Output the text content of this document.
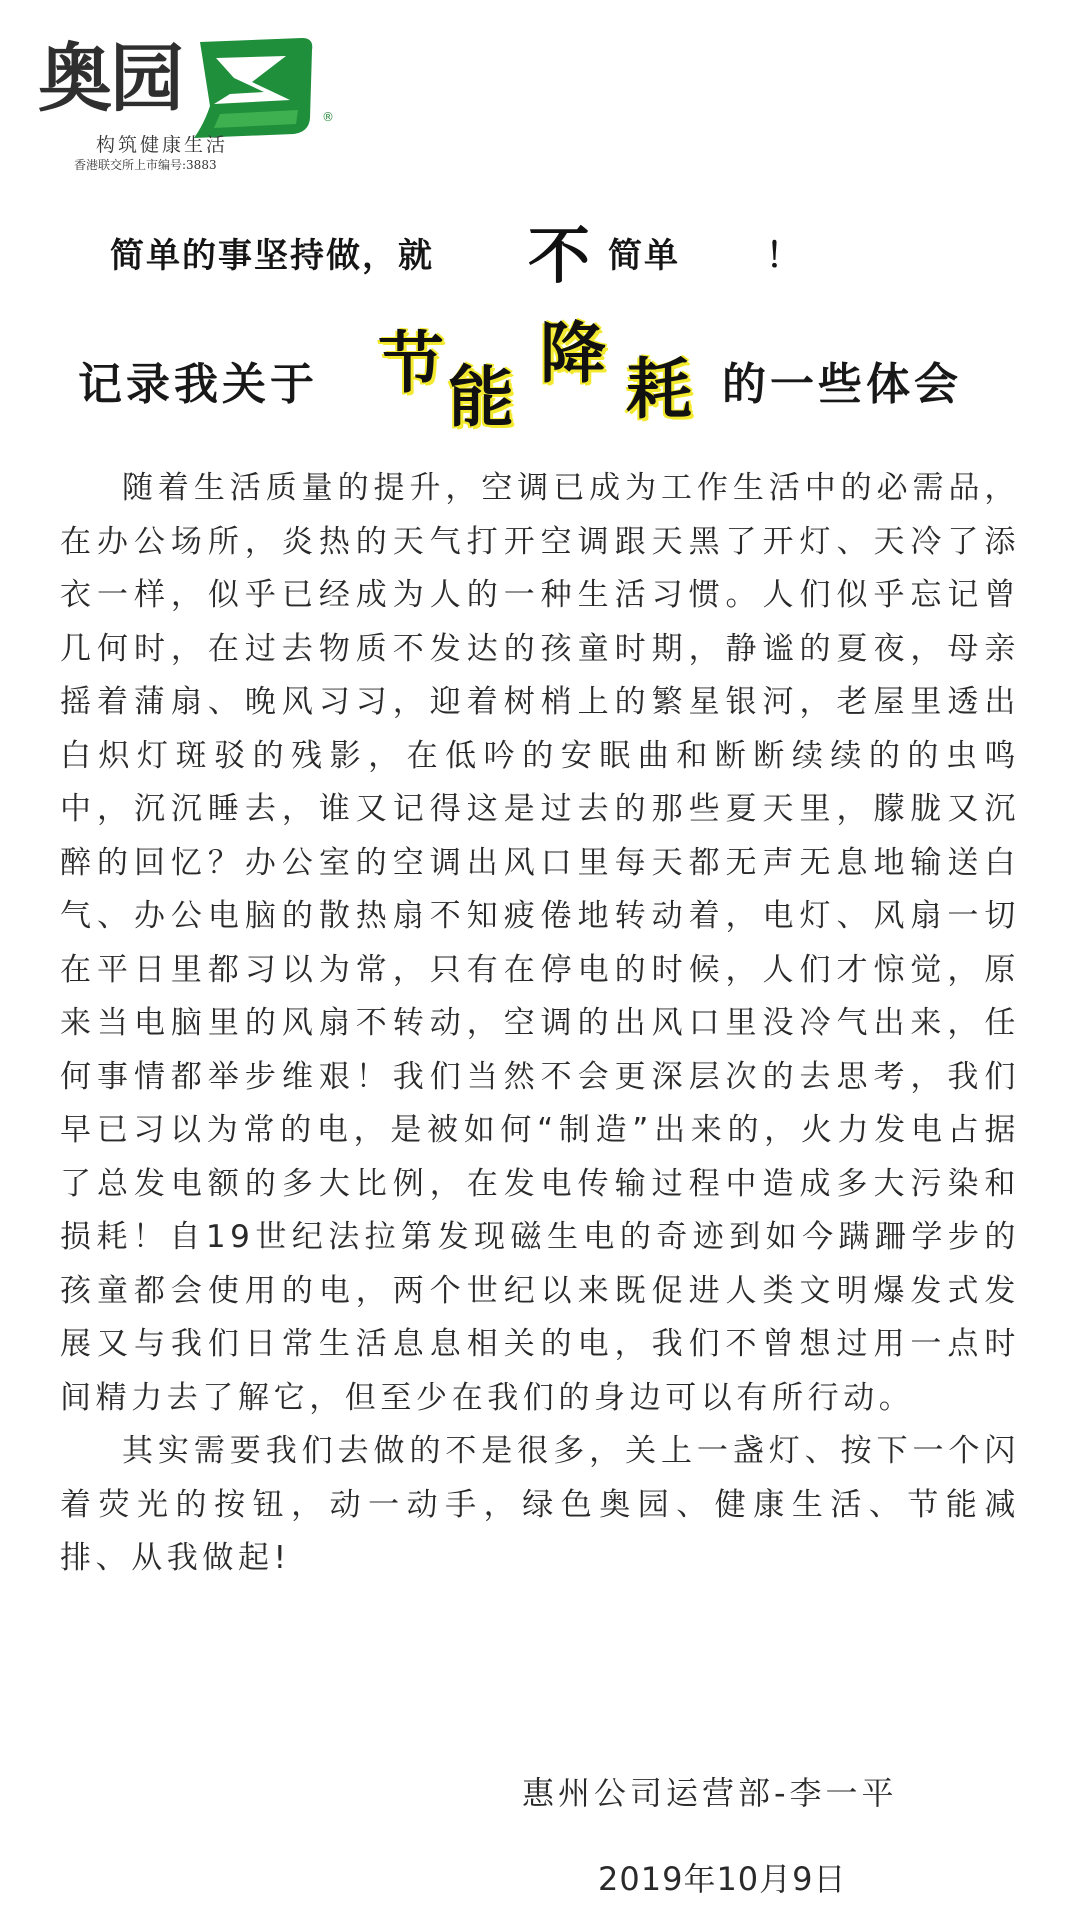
奥园	®
构筑健康生活
香港联交所上市编号:3883
简单的事坚持做，就 不 简单	！
记录我关于 节 能
降 耗 的一些体会

随着生活质量的提升，空调已成为工作生活中的必需品，在办公场所，炎热的天气打开空调跟天黑了开灯、天冷了添衣一样，似乎已经成为人的一种生活习惯。人们似乎忘记曾几何时，在过去物质不发达的孩童时期，静谧的夏夜，母亲摇着蒲扇、晚风习习，迎着树梢上的繁星银河，老屋里透出白炽灯斑驳的残影，在低吟的安眠曲和断断续续的的虫鸣中，沉沉睡去，谁又记得这是过去的那些夏天里，朦胧又沉醉的回忆？办公室的空调出风口里每天都无声无息地输送白气、办公电脑的散热扇不知疲倦地转动着，电灯、风扇一切在平日里都习以为常，只有在停电的时候，人们才惊觉，原来当电脑里的风扇不转动，空调的出风口里没冷气出来，任何事情都举步维艰！我们当然不会更深层次的去思考，我们早已习以为常的电，是被如何“制造”出来的，火力发电占据了总发电额的多大比例，在发电传输过程中造成多大污染和损耗！自19世纪法拉第发现磁生电的奇迹到如今蹒跚学步的孩童都会使用的电，两个世纪以来既促进人类文明爆发式发展又与我们日常生活息息相关的电，我们不曾想过用一点时间精力去了解它，但至少在我们的身边可以有所行动。

其实需要我们去做的不是很多，关上一盏灯、按下一个闪着荧光的按钮，动一动手，绿色奥园、健康生活、节能减排、从我做起!

惠州公司运营部-李一平
2019年10月9日
